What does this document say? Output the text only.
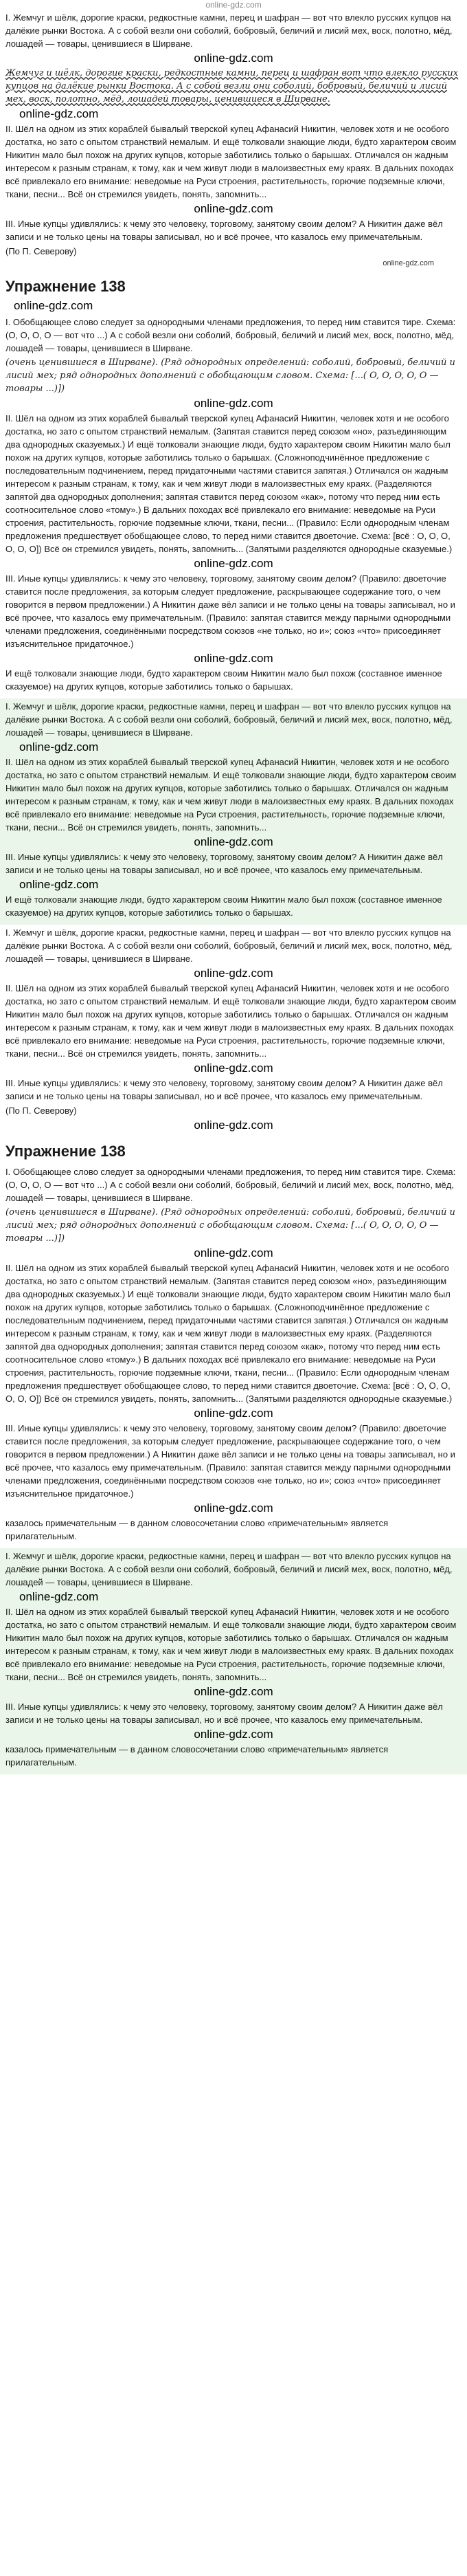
online-gdz.com

I. Жемчуг и шёлк, дорогие краски, редкостные камни, перец и шафран — вот что влекло русских купцов на далёкие рынки Востока. А с собой везли они соболий, бобровый, беличий и лисий мех, воск, полотно, мёд, лошадей — товары, ценившиеся в Ширване.

online-gdz.com

Жемчуг и шёлк, дорогие краски, редкостные камни, перец и шафран вот что влекло русских купцов на далёкие рынки Востока. А с собой везли они соболий, бобровый, беличий и лисий мех, воск, полотно, мёд, лошадей товары, ценившиеся в Ширване.

online-gdz.com

II. Шёл на одном из этих кораблей бывалый тверской купец Афанасий Никитин, человек хотя и не особого достатка, но зато с опытом странствий немалым. И ещё толковали знающие люди, будто характером своим Никитин мало был похож на других купцов, которые заботились только о барышах. Отличался он жадным интересом к разным странам, к тому, как и чем живут люди в малоизвестных ему краях. В дальних походах всё привлекало его внимание: неведомые на Руси строения, растительность, горючие подземные ключи, ткани, песни... Всё он стремился увидеть, понять, запомнить...

online-gdz.com

III. Иные купцы удивлялись: к чему это человеку, торговому, занятому своим делом? А Никитин даже вёл записи и не только цены на товары записывал, но и всё прочее, что казалось ему примечательным.

(По П. Северову)

online-gdz.com
Упражнение 138
online-gdz.com

I. Обобщающее слово следует за однородными членами предложения, то перед ним ставится тире. Схема: (O, O, O, O — вот что ...) А с собой везли они соболий, бобровый, беличий и лисий мех, воск, полотно, мёд, лошадей — товары, ценившиеся в Ширване.

(очень ценившиеся в Ширване). (Ряд однородных определений: соболий, бобровый, беличий и лисий мех; ряд однородных дополнений с обобщающим словом. Схема: [...( O, O, O, O, O — товары ...)])

online-gdz.com

II. Шёл на одном из этих кораблей бывалый тверской купец Афанасий Никитин, человек хотя и не особого достатка, но зато с опытом странствий немалым. (Запятая ставится перед союзом «но», разъединяющим два однородных сказуемых.) И ещё толковали знающие люди, будто характером своим Никитин мало был похож на других купцов, которые заботились только о барышах. (Сложноподчинённое предложение с последовательным подчинением, перед придаточными частями ставится запятая.) Отличался он жадным интересом к разным странам, к тому, как и чем живут люди в малоизвестных ему краях. (Разделяются запятой два однородных дополнения; запятая ставится перед союзом «как», потому что перед ним есть соотносительное слово «тому».) В дальних походах всё привлекало его внимание: неведомые на Руси строения, растительность, горючие подземные ключи, ткани, песни... (Правило: Если однородным членам предложения предшествует обобщающее слово, то перед ними ставится двоеточие. Схема: [всё : O, O, O, O, O, O]) Всё он стремился увидеть, понять, запомнить... (Запятыми разделяются однородные сказуемые.)

online-gdz.com

III. Иные купцы удивлялись: к чему это человеку, торговому, занятому своим делом? (Правило: двоеточие ставится после предложения, за которым следует предложение, раскрывающее содержание того, о чем говорится в первом предложении.) А Никитин даже вёл записи и не только цены на товары записывал, но и всё прочее, что казалось ему примечательным. (Правило: запятая ставится между парными однородными членами предложения, соединёнными посредством союзов «не только, но и»; союз «что» присоединяет изъяснительное придаточное.)

online-gdz.com

И ещё толковали знающие люди, будто характером своим Никитин мало был похож (составное именное сказуемое) на других купцов, которые заботились только о барышах.

I. Жемчуг и шёлк, дорогие краски, редкостные камни, перец и шафран — вот что влекло русских купцов на далёкие рынки Востока. А с собой везли они соболий, бобровый, беличий и лисий мех, воск, полотно, мёд, лошадей — товары, ценившиеся в Ширване.

online-gdz.com

II. Шёл на одном из этих кораблей бывалый тверской купец Афанасий Никитин, человек хотя и не особого достатка, но зато с опытом странствий немалым. И ещё толковали знающие люди, будто характером своим Никитин мало был похож на других купцов, которые заботились только о барышах. Отличался он жадным интересом к разным странам, к тому, как и чем живут люди в малоизвестных ему краях. В дальних походах всё привлекало его внимание: неведомые на Руси строения, растительность, горючие подземные ключи, ткани, песни... Всё он стремился увидеть, понять, запомнить...

online-gdz.com

III. Иные купцы удивлялись: к чему это человеку, торговому, занятому своим делом? А Никитин даже вёл записи и не только цены на товары записывал, но и всё прочее, что казалось ему примечательным.

online-gdz.com

И ещё толковали знающие люди, будто характером своим Никитин мало был похож (составное именное сказуемое) на других купцов, которые заботились только о барышах.

I. Жемчуг и шёлк, дорогие краски, редкостные камни, перец и шафран — вот что влекло русских купцов на далёкие рынки Востока. А с собой везли они соболий, бобровый, беличий и лисий мех, воск, полотно, мёд, лошадей — товары, ценившиеся в Ширване.

online-gdz.com

II. Шёл на одном из этих кораблей бывалый тверской купец Афанасий Никитин, человек хотя и не особого достатка, но зато с опытом странствий немалым. И ещё толковали знающие люди, будто характером своим Никитин мало был похож на других купцов, которые заботились только о барышах. Отличался он жадным интересом к разным странам, к тому, как и чем живут люди в малоизвестных ему краях. В дальних походах всё привлекало его внимание: неведомые на Руси строения, растительность, горючие подземные ключи, ткани, песни... Всё он стремился увидеть, понять, запомнить...

online-gdz.com

III. Иные купцы удивлялись: к чему это человеку, торговому, занятому своим делом? А Никитин даже вёл записи и не только цены на товары записывал, но и всё прочее, что казалось ему примечательным.

(По П. Северову)

online-gdz.com
Упражнение 138

I. Обобщающее слово следует за однородными членами предложения, то перед ним ставится тире. Схема: (O, O, O, O — вот что ...) А с собой везли они соболий, бобровый, беличий и лисий мех, воск, полотно, мёд, лошадей — товары, ценившиеся в Ширване.

(очень ценившиеся в Ширване). (Ряд однородных определений: соболий, бобровый, беличий и лисий мех; ряд однородных дополнений с обобщающим словом. Схема: [...( O, O, O, O, O — товары ...)])

online-gdz.com

II. Шёл на одном из этих кораблей бывалый тверской купец Афанасий Никитин, человек хотя и не особого достатка, но зато с опытом странствий немалым. (Запятая ставится перед союзом «но», разъединяющим два однородных сказуемых.) И ещё толковали знающие люди, будто характером своим Никитин мало был похож на других купцов, которые заботились только о барышах. (Сложноподчинённое предложение с последовательным подчинением, перед придаточными частями ставится запятая.) Отличался он жадным интересом к разным странам, к тому, как и чем живут люди в малоизвестных ему краях. (Разделяются запятой два однородных дополнения; запятая ставится перед союзом «как», потому что перед ним есть соотносительное слово «тому».) В дальних походах всё привлекало его внимание: неведомые на Руси строения, растительность, горючие подземные ключи, ткани, песни... (Правило: Если однородным членам предложения предшествует обобщающее слово, то перед ними ставится двоеточие. Схема: [всё : O, O, O, O, O, O]) Всё он стремился увидеть, понять, запомнить... (Запятыми разделяются однородные сказуемые.)

online-gdz.com

III. Иные купцы удивлялись: к чему это человеку, торговому, занятому своим делом? (Правило: двоеточие ставится после предложения, за которым следует предложение, раскрывающее содержание того, о чем говорится в первом предложении.) А Никитин даже вёл записи и не только цены на товары записывал, но и всё прочее, что казалось ему примечательным. (Правило: запятая ставится между парными однородными членами предложения, соединёнными посредством союзов «не только, но и»; союз «что» присоединяет изъяснительное придаточное.)

online-gdz.com

казалось примечательным — в данном словосочетании слово «примечательным» является прилагательным.

I. Жемчуг и шёлк, дорогие краски, редкостные камни, перец и шафран — вот что влекло русских купцов на далёкие рынки Востока. А с собой везли они соболий, бобровый, беличий и лисий мех, воск, полотно, мёд, лошадей — товары, ценившиеся в Ширване.

online-gdz.com

II. Шёл на одном из этих кораблей бывалый тверской купец Афанасий Никитин, человек хотя и не особого достатка, но зато с опытом странствий немалым. И ещё толковали знающие люди, будто характером своим Никитин мало был похож на других купцов, которые заботились только о барышах. Отличался он жадным интересом к разным странам, к тому, как и чем живут люди в малоизвестных ему краях. В дальних походах всё привлекало его внимание: неведомые на Руси строения, растительность, горючие подземные ключи, ткани, песни... Всё он стремился увидеть, понять, запомнить...

online-gdz.com

III. Иные купцы удивлялись: к чему это человеку, торговому, занятому своим делом? А Никитин даже вёл записи и не только цены на товары записывал, но и всё прочее, что казалось ему примечательным.

online-gdz.com

казалось примечательным — в данном словосочетании слово «примечательным» является прилагательным.
